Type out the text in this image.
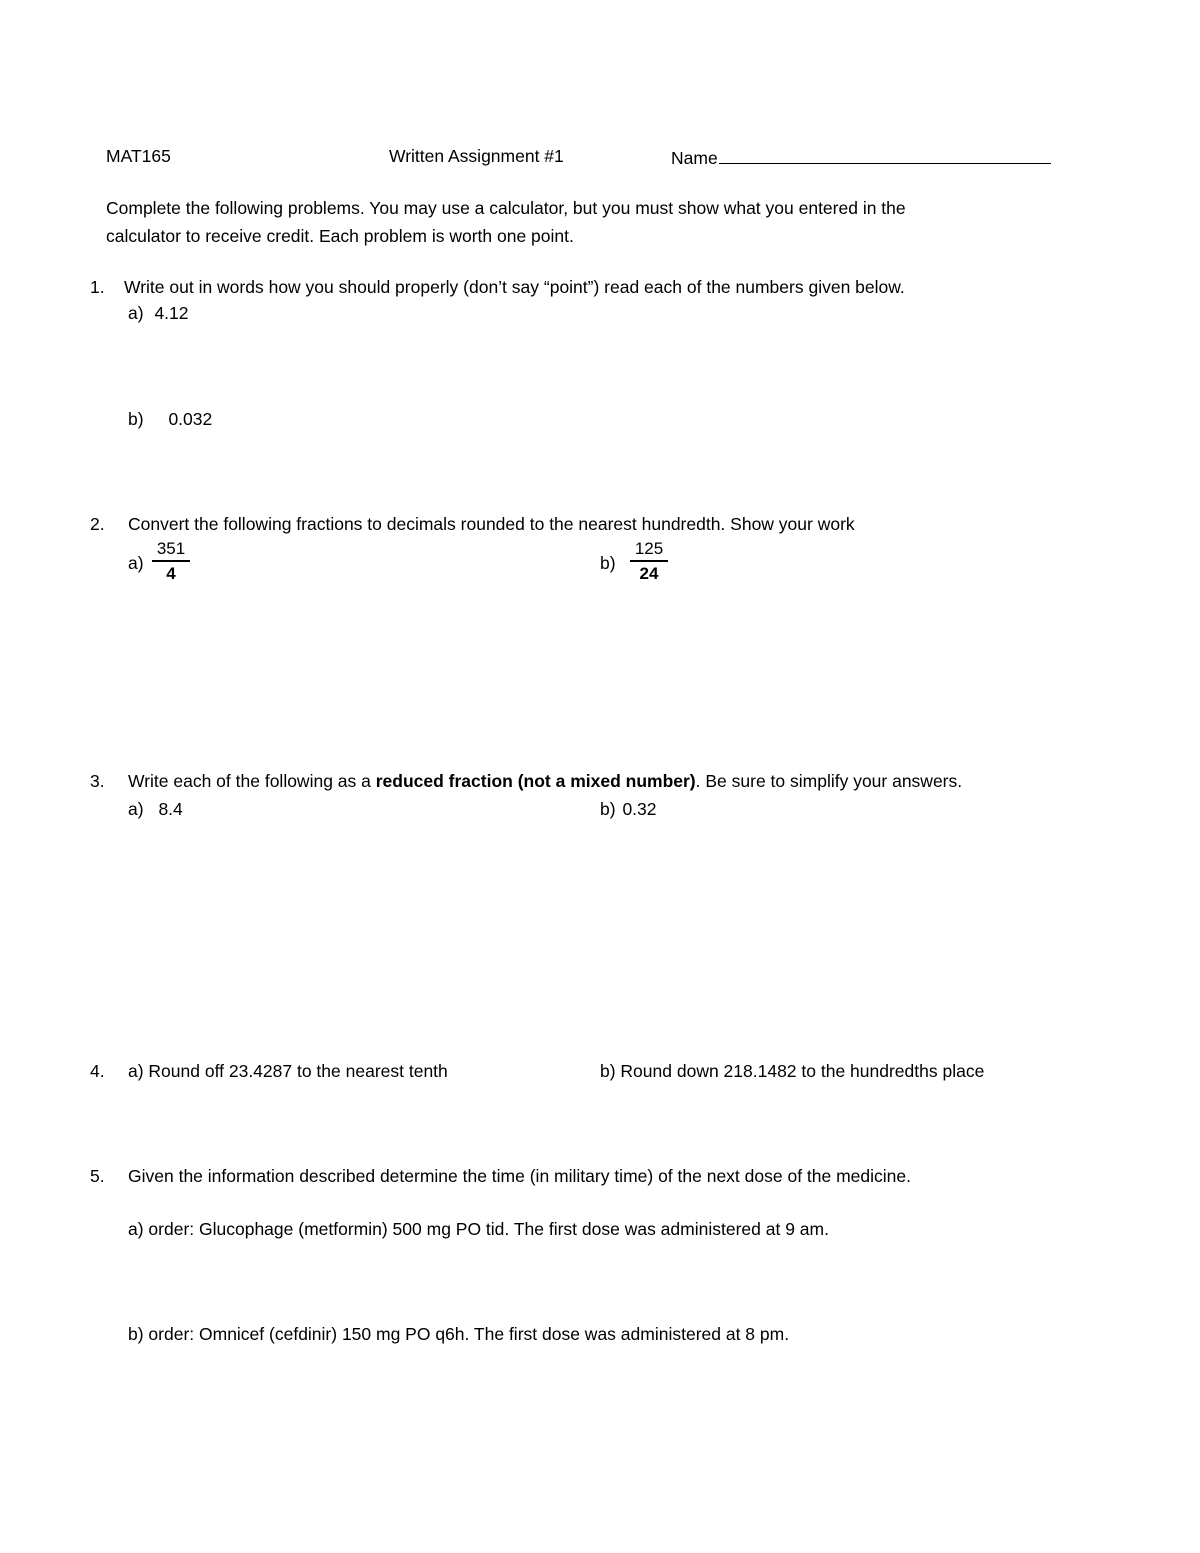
MAT165	Written Assignment #1	Name
Complete the following problems. You may use a calculator, but you must show what you entered in the
calculator to receive credit. Each problem is worth one point.
1. Write out in words how you should properly (don’t say “point”) read each of the numbers given below.
a) 4.12
b) 0.032
2. Convert the following fractions to decimals rounded to the nearest hundredth. Show your work
$a) \frac{351}{4}$	$b) \frac{125}{24}$
3. Write each of the following as a reduced fraction (not a mixed number). Be sure to simplify your answers.
a) 8.4	b) 0.32
4. a) Round off 23.4287 to the nearest tenth	b) Round down 218.1482 to the hundredths place
5. Given the information described determine the time (in military time) of the next dose of the medicine.
a) order: Glucophage (metformin) 500 mg PO tid. The first dose was administered at 9 am.
b) order: Omnicef (cefdinir) 150 mg PO q6h. The first dose was administered at 8 pm.
